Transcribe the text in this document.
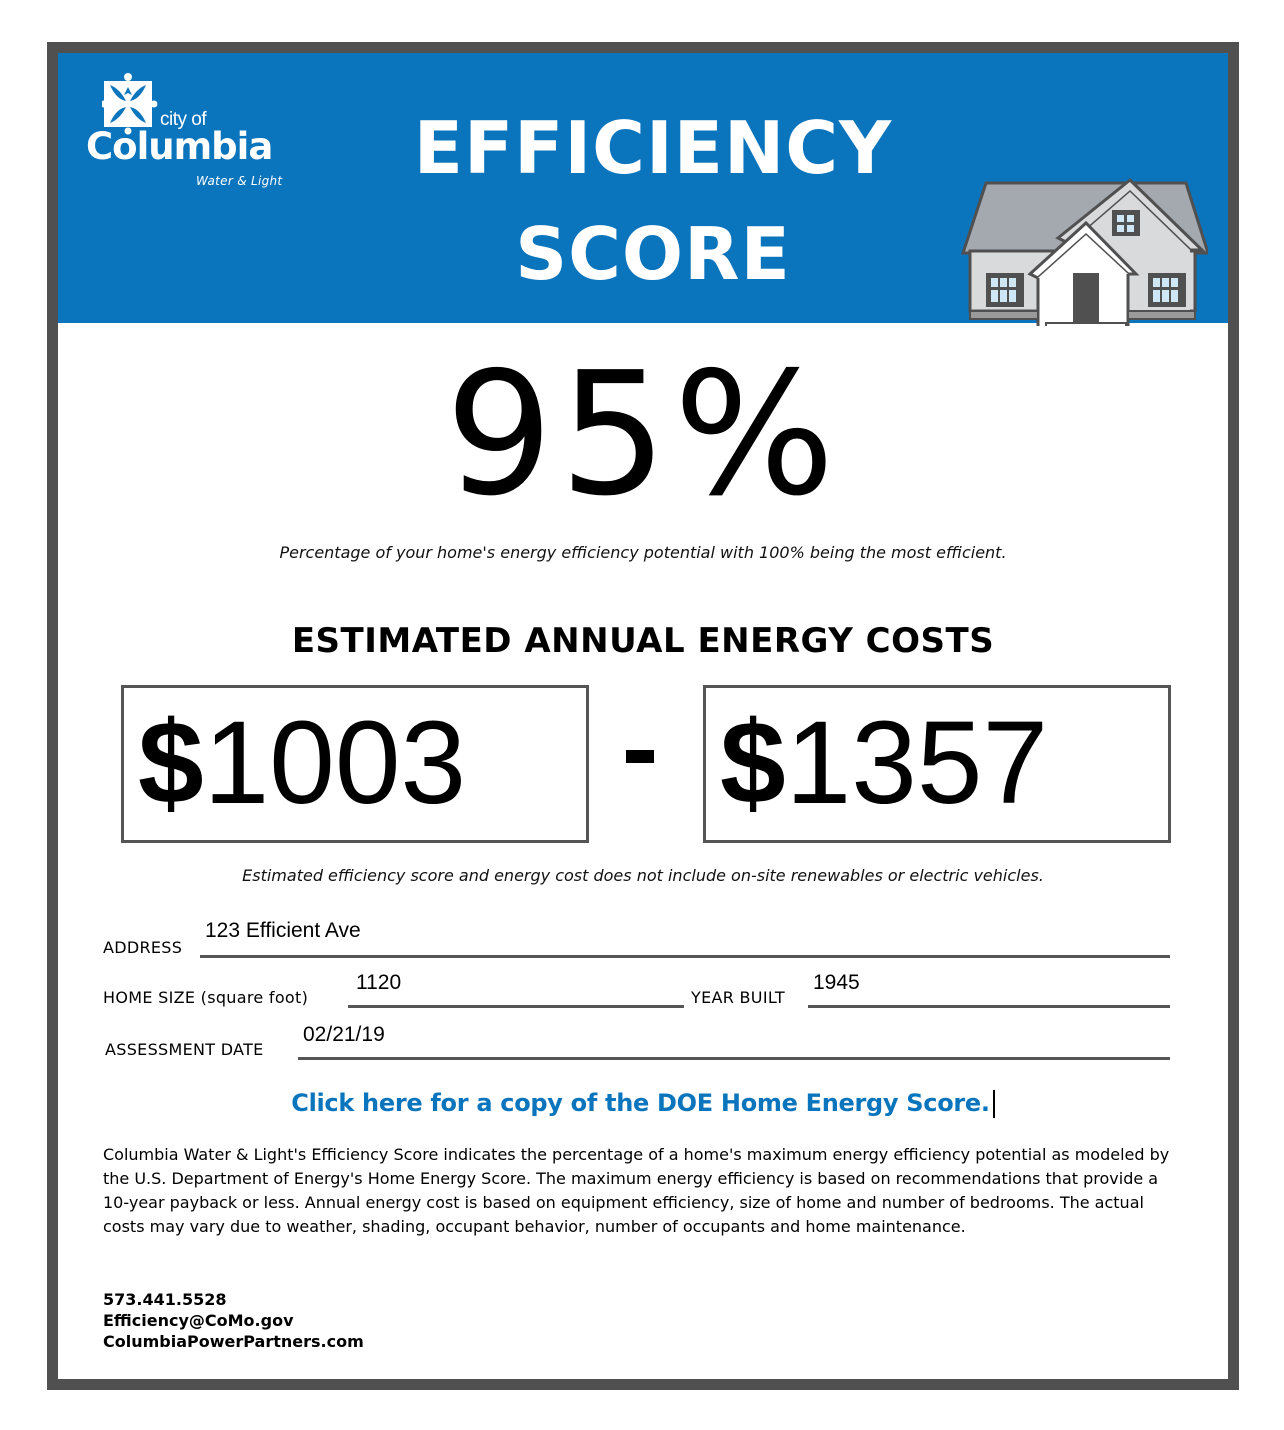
city of
Columbia
Water & Light	EFFICIENCY
SCORE
95%
Percentage of your home's energy efficiency potential with 100% being the most efficient.
ESTIMATED ANNUAL ENERGY COSTS
$1003	$1357
Estimated efficiency score and energy cost does not include on-site renewables or electric vehicles.
ADDRESS
123 Efficient Ave
HOME SIZE (square foot)
1120
YEAR BUILT
1945
ASSESSMENT DATE
02/21/19
Click here for a copy of the DOE Home Energy Score.
Columbia Water & Light's Efficiency Score indicates the percentage of a home's maximum energy efficiency potential as modeled by the U.S. Department of Energy's Home Energy Score. The maximum energy efficiency is based on recommendations that provide a 10-year payback or less. Annual energy cost is based on equipment efficiency, size of home and number of bedrooms. The actual costs may vary due to weather, shading, occupant behavior, number of occupants and home maintenance.
573.441.5528
Efficiency@CoMo.gov
ColumbiaPowerPartners.com
